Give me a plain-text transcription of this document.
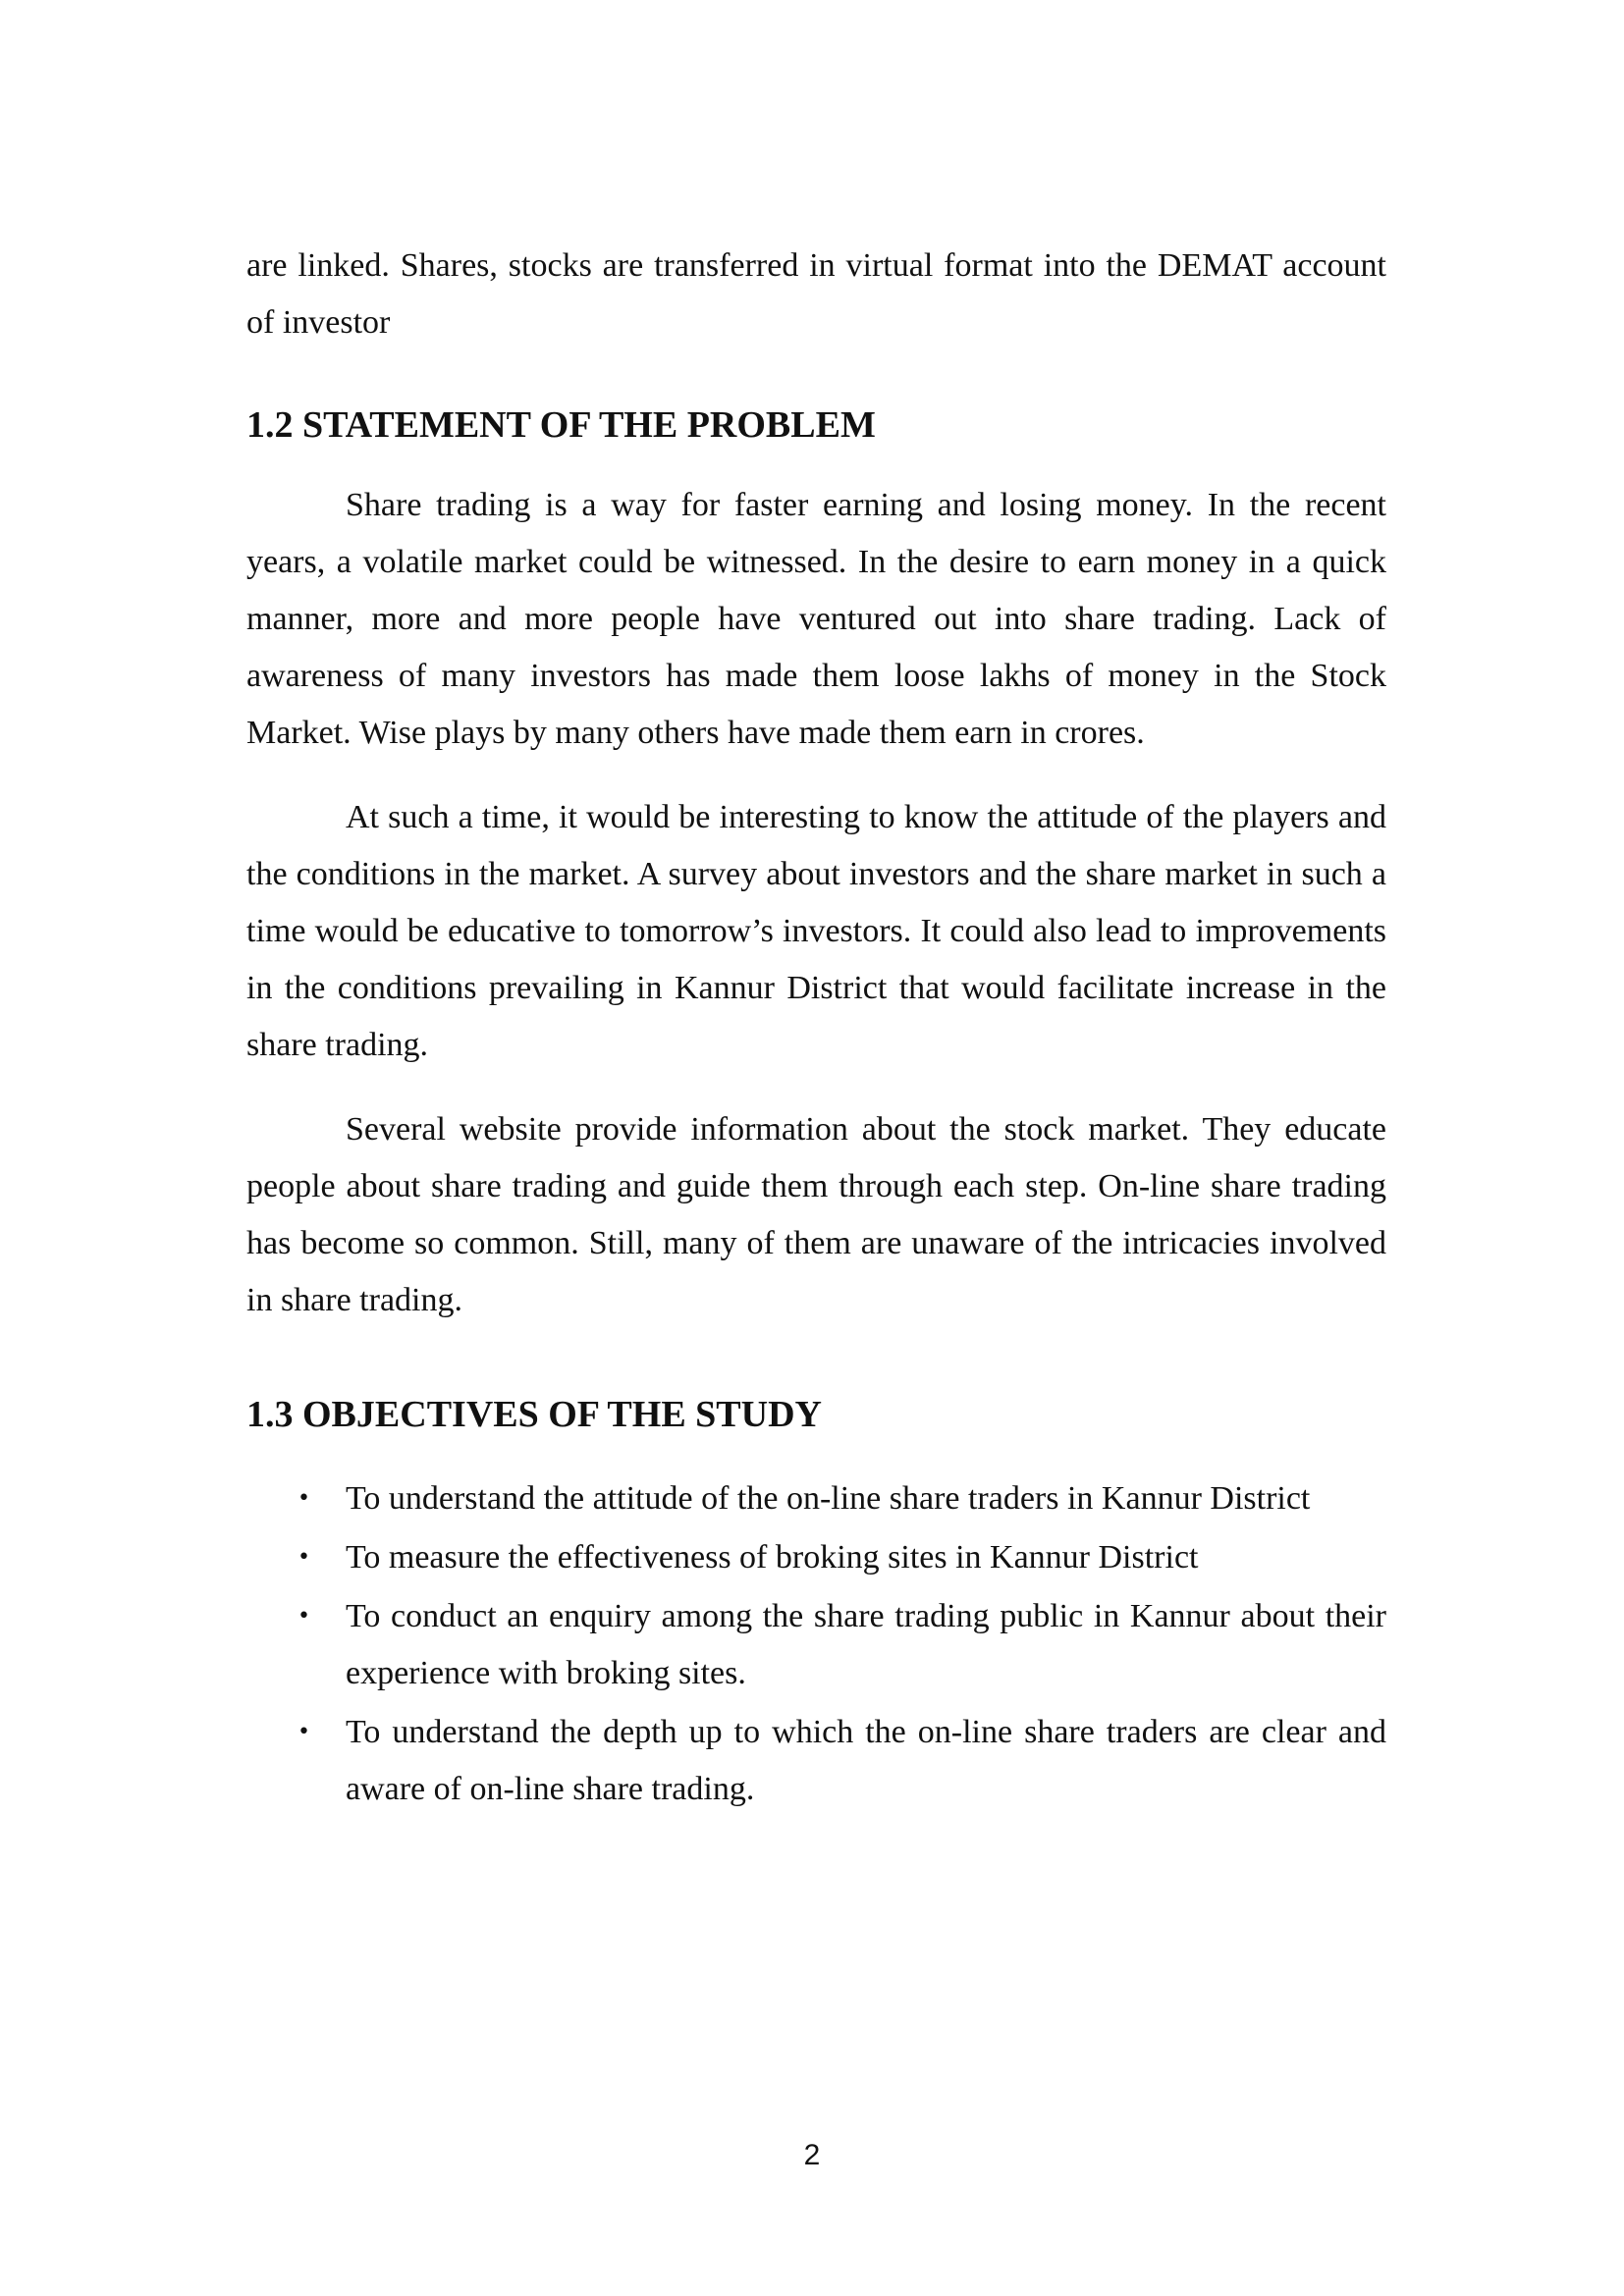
are linked. Shares, stocks are transferred in virtual format into the DEMAT account of investor

1.2 STATEMENT OF THE PROBLEM

Share trading is a way for faster earning and losing money. In the recent years, a volatile market could be witnessed. In the desire to earn money in a quick manner, more and more people have ventured out into share trading. Lack of awareness of many investors has made them loose lakhs of money in the Stock Market. Wise plays by many others have made them earn in crores.

At such a time, it would be interesting to know the attitude of the players and the conditions in the market. A survey about investors and the share market in such a time would be educative to tomorrow’s investors. It could also lead to improvements in the conditions prevailing in Kannur District that would facilitate increase in the share trading.

Several website provide information about the stock market. They educate people about share trading and guide them through each step. On-line share trading has become so common. Still, many of them are unaware of the intricacies involved in share trading.

1.3 OBJECTIVES OF THE STUDY
• To understand the attitude of the on-line share traders in Kannur District
• To measure the effectiveness of broking sites in Kannur District
• To conduct an enquiry among the share trading public in Kannur about their experience with broking sites.
• To understand the depth up to which the on-line share traders are clear and aware of on-line share trading.
2
